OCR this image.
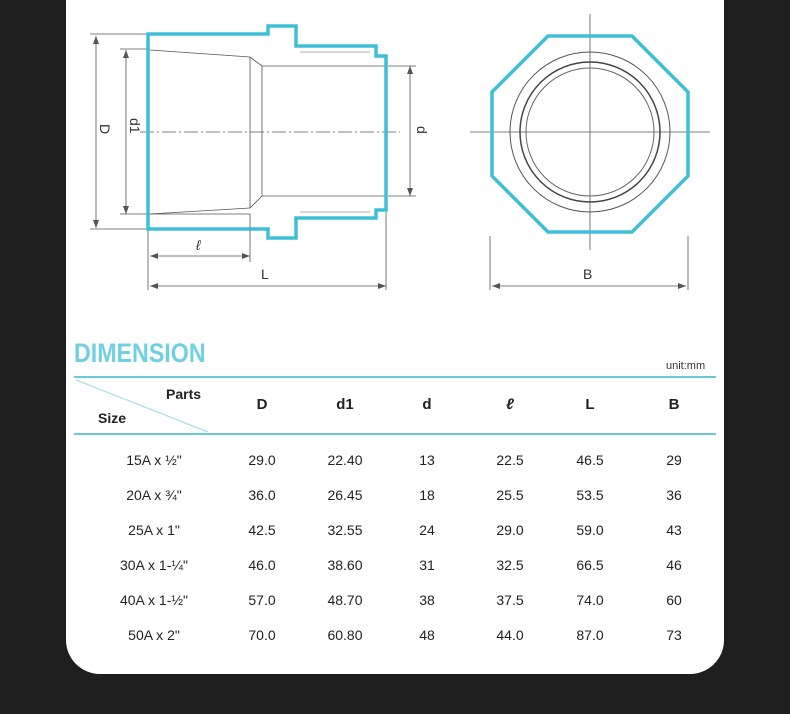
D d1	d
ℓ
L	B
DIMENSION	unit:mm
Parts
Size
D	d1	d	ℓ	L	B
15A x ½"	29.0	22.40	13	22.5	46.5	29
20A x ¾"	36.0	26.45	18	25.5	53.5	36
25A x 1"	42.5	32.55	24	29.0	59.0	43
30A x 1-¼"	46.0	38.60	31	32.5	66.5	46
40A x 1-½"	57.0	48.70	38	37.5	74.0	60
50A x 2"	70.0	60.80	48	44.0	87.0	73
